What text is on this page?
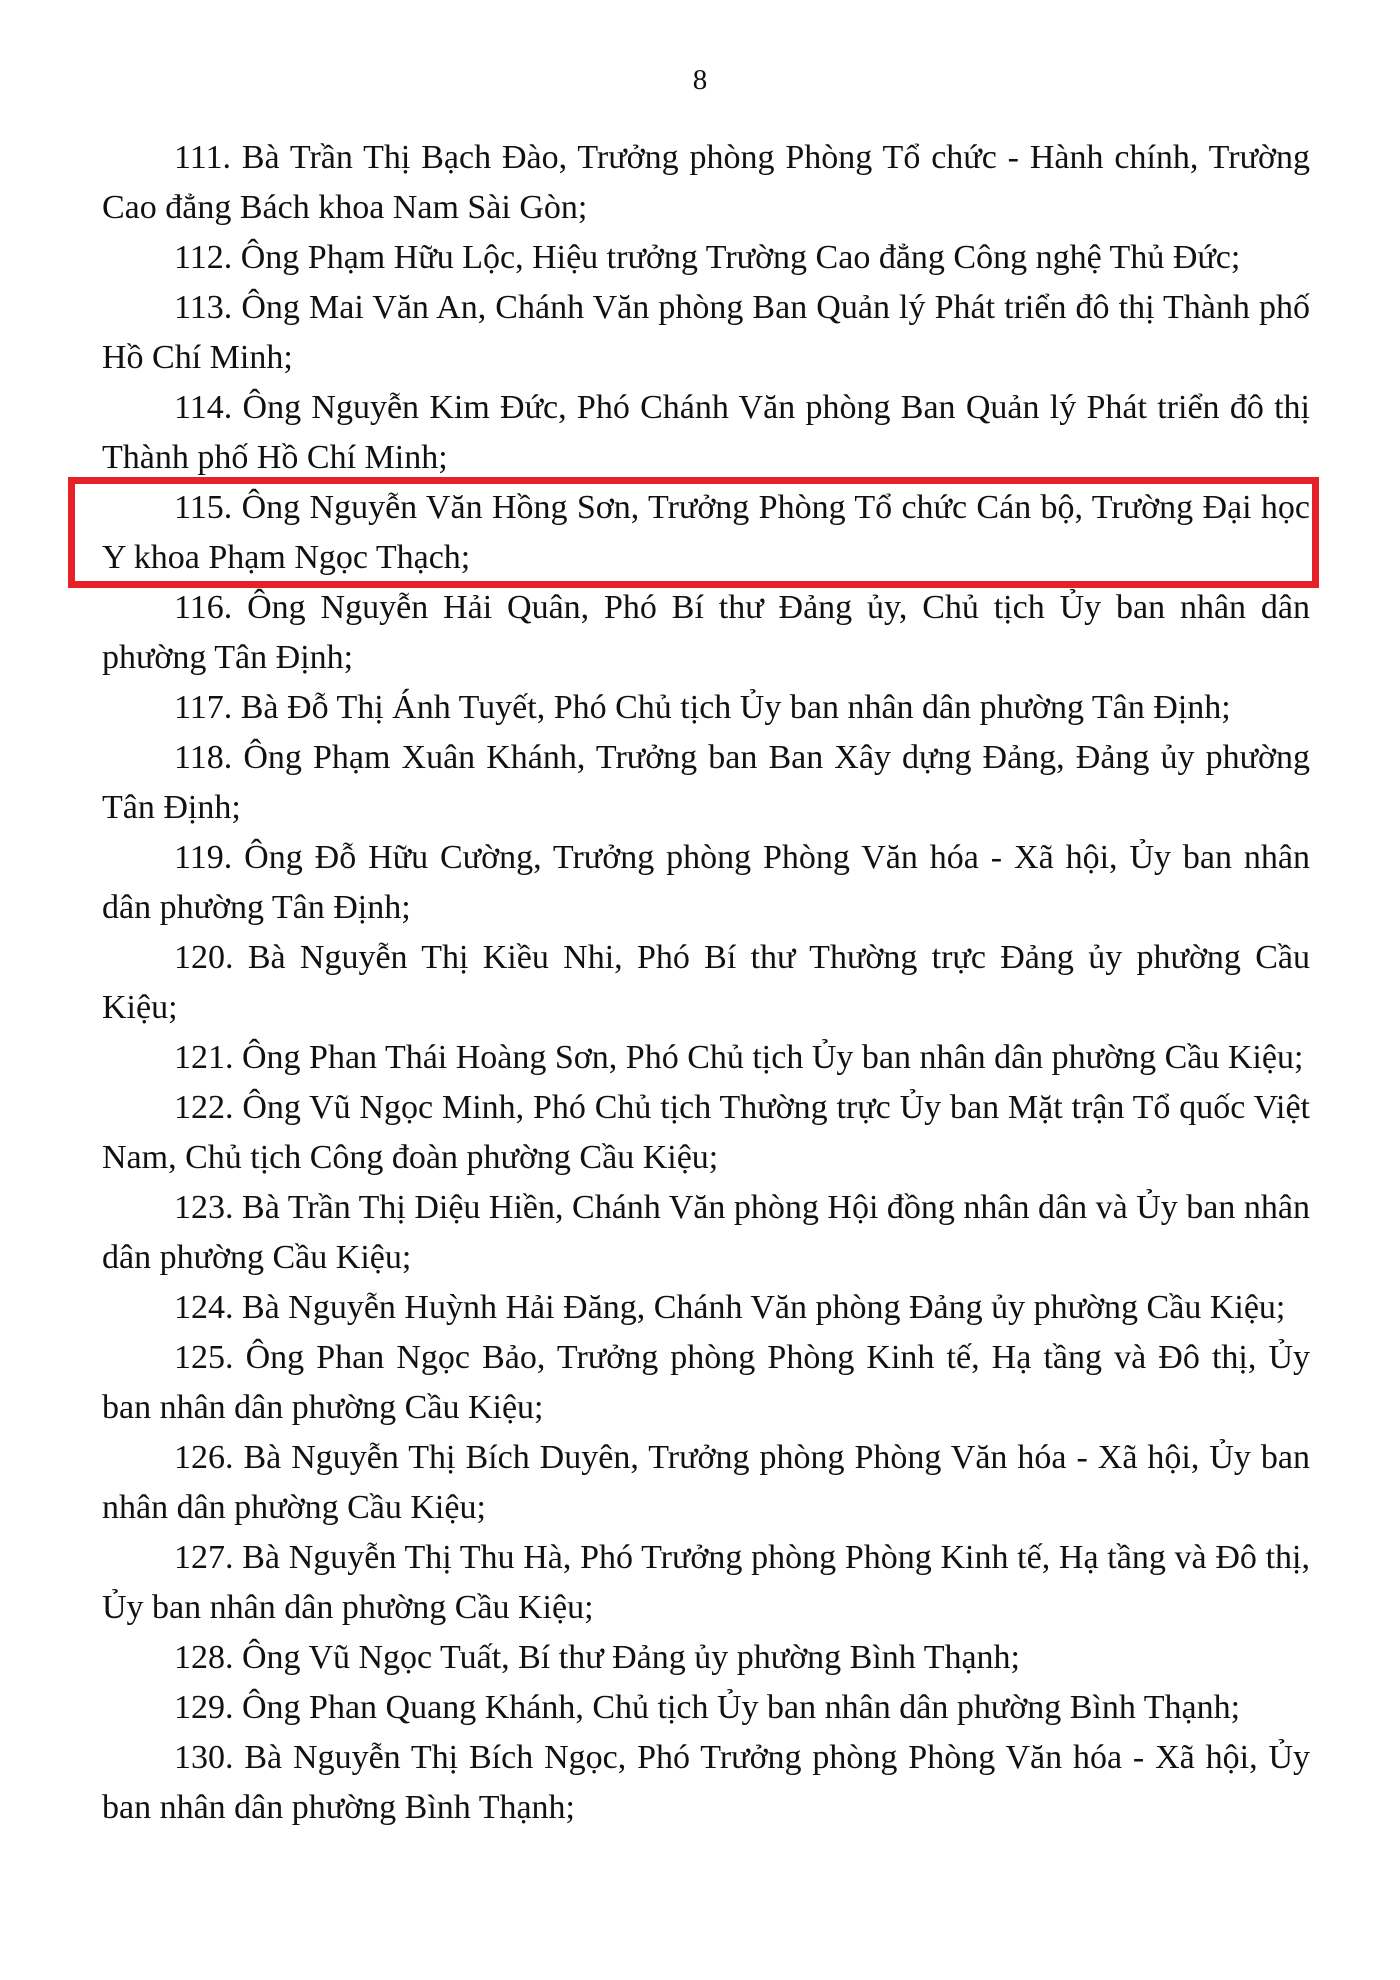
8

111. Bà Trần Thị Bạch Đào, Trưởng phòng Phòng Tổ chức - Hành chính, Trường Cao đẳng Bách khoa Nam Sài Gòn;

112. Ông Phạm Hữu Lộc, Hiệu trưởng Trường Cao đẳng Công nghệ Thủ Đức;

113. Ông Mai Văn An, Chánh Văn phòng Ban Quản lý Phát triển đô thị Thành phố Hồ Chí Minh;

114. Ông Nguyễn Kim Đức, Phó Chánh Văn phòng Ban Quản lý Phát triển đô thị Thành phố Hồ Chí Minh;

115. Ông Nguyễn Văn Hồng Sơn, Trưởng Phòng Tổ chức Cán bộ, Trường Đại học Y khoa Phạm Ngọc Thạch;

116. Ông Nguyễn Hải Quân, Phó Bí thư Đảng ủy, Chủ tịch Ủy ban nhân dân phường Tân Định;

117. Bà Đỗ Thị Ánh Tuyết, Phó Chủ tịch Ủy ban nhân dân phường Tân Định;

118. Ông Phạm Xuân Khánh, Trưởng ban Ban Xây dựng Đảng, Đảng ủy phường Tân Định;

119. Ông Đỗ Hữu Cường, Trưởng phòng Phòng Văn hóa - Xã hội, Ủy ban nhân dân phường Tân Định;

120. Bà Nguyễn Thị Kiều Nhi, Phó Bí thư Thường trực Đảng ủy phường Cầu Kiệu;

121. Ông Phan Thái Hoàng Sơn, Phó Chủ tịch Ủy ban nhân dân phường Cầu Kiệu;

122. Ông Vũ Ngọc Minh, Phó Chủ tịch Thường trực Ủy ban Mặt trận Tổ quốc Việt Nam, Chủ tịch Công đoàn phường Cầu Kiệu;

123. Bà Trần Thị Diệu Hiền, Chánh Văn phòng Hội đồng nhân dân và Ủy ban nhân dân phường Cầu Kiệu;

124. Bà Nguyễn Huỳnh Hải Đăng, Chánh Văn phòng Đảng ủy phường Cầu Kiệu;

125. Ông Phan Ngọc Bảo, Trưởng phòng Phòng Kinh tế, Hạ tầng và Đô thị, Ủy ban nhân dân phường Cầu Kiệu;

126. Bà Nguyễn Thị Bích Duyên, Trưởng phòng Phòng Văn hóa - Xã hội, Ủy ban nhân dân phường Cầu Kiệu;

127. Bà Nguyễn Thị Thu Hà, Phó Trưởng phòng Phòng Kinh tế, Hạ tầng và Đô thị, Ủy ban nhân dân phường Cầu Kiệu;

128. Ông Vũ Ngọc Tuất, Bí thư Đảng ủy phường Bình Thạnh;

129. Ông Phan Quang Khánh, Chủ tịch Ủy ban nhân dân phường Bình Thạnh;

130. Bà Nguyễn Thị Bích Ngọc, Phó Trưởng phòng Phòng Văn hóa - Xã hội, Ủy ban nhân dân phường Bình Thạnh;
